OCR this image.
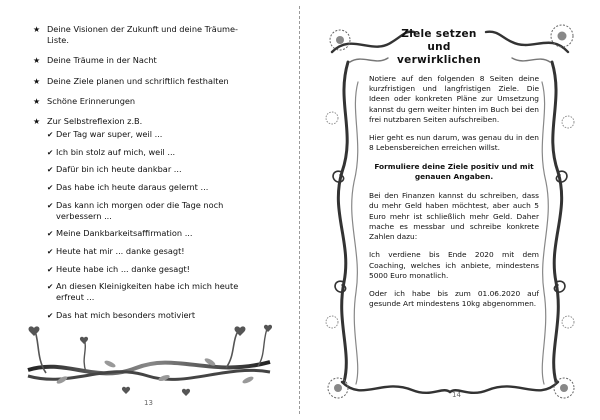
★ Deine Visionen der Zukunft und deine Träume-
Liste.
★ Deine Träume in der Nacht
★ Deine Ziele planen und schriftlich festhalten
★ Schöne Erinnerungen
★ Zur Selbstreflexion z.B.
✔ Der Tag war super, weil ...
✔ Ich bin stolz auf mich, weil ...
✔ Dafür bin ich heute dankbar ...
✔ Das habe ich heute daraus gelernt ...
✔ Das kann ich morgen oder die Tage noch
verbessern ...
✔ Meine Dankbarkeitsaffirmation ...
✔ Heute hat mir ... danke gesagt!
✔ Heute habe ich ... danke gesagt!
✔ An diesen Kleinigkeiten habe ich mich heute
erfreut ...
✔ Das hat mich besonders motiviert
13
Ziele setzen
und verwirklichen

Notiere auf den folgenden 8 Seiten deine kurzfristigen und langfristigen Ziele. Die Ideen oder konkreten Pläne zur Umsetzung kannst du gern weiter hinten im Buch bei den frei nutzbaren Seiten aufschreiben.

Hier geht es nun darum, was genau du in den 8 Lebensbereichen erreichen willst.

Formuliere deine Ziele positiv und mit genauen Angaben.

Bei den Finanzen kannst du schreiben, dass du mehr Geld haben möchtest, aber auch 5 Euro mehr ist schließlich mehr Geld. Daher mache es messbar und schreibe konkrete Zahlen dazu:

Ich verdiene bis Ende 2020 mit dem Coaching, welches ich anbiete, mindestens 5000 Euro monatlich.

Oder ich habe bis zum 01.06.2020 auf gesunde Art mindestens 10kg abgenommen.

14
